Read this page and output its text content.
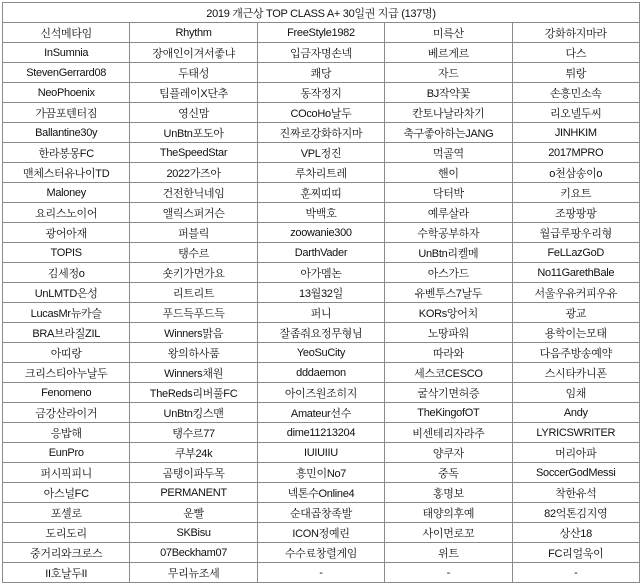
2019 개근상 TOP CLASS A+ 30일권 지급 (137명)				
신석메타임	Rhythm	FreeStyle1982	미륵산	강화하지마라
InSumnia	장애인이겨서좋냐	입금자명손넥	베르게르	다스
StevenGerrard08	두태성	쾌당	자드	튀랑
NeoPhoenix	팀플레이X단추	동작정지	BJ작약꽃	손흥민소속
가끔포텐터짐	영신맘	COcoHo날두	칸토나날라차기	리오넬두씨
Ballantine30y	UnBtn포도아	진짜로강화하지마	축구좋아하는JANG	JINHKIM
한라봉몽FC	TheSpeedStar	VPL정진	먹골역	2017MPRO
맨체스터유나이TD	2022가즈아	루차리트레	핸이	o천삼송이o
Maloney	건전한닉네임	훈찌띠띠	닥터박	키요트
요리스노이어	앨릭스퍼거슨	박백호	예루살라	조팡팡팡
광어아재	퍼블릭	zoowanie300	수학공부하자	월급루팡우리형
TOPIS	탱수르	DarthVader	UnBtn리켈메	FeLLazGoD
김세정o	숏키가먼가요	아가멤논	아스가드	No11GarethBale
UnLMTD은성	리트리트	13월32일	유벤투스7날두	서울우유커피우유
LucasMr뉴카슬	푸드득푸드득	퍼니	KORs앙어치	광교
BRA브라질ZIL	Winners맑음	잘좀줘요정무형님	노땅파워	용학이는모태
아띠랑	왕의하사품	YeoSuCity	따라와	다음주방송예약
크리스티아누날두	Winners채원	dddaemon	세스코CESCO	스시타카니폰
Fenomeno	TheReds리버풀FC	아이즈원조히지	굴삭기면허증	임채
금강산라이거	UnBtn킹스맨	Amateur선수	TheKingofOT	Andy
응밥해	탱수르77	dime11213204	비센테리자라주	LYRICSWRITER
EunPro	쿠부24k	IUIUIIU	양쿠자	머리아파
퍼시픽피니	곰탱이파두목	흥민이No7	중독	SoccerGodMessi
아스널FC	PERMANENT	넥톤수Online4	홍명보	착한유석
포셀로	운빨	순대곱창족발	태양의후예	82억톤김지영
도리도리	SKBisu	ICON정예린	사이먼로꼬	상산18
중거리와크로스	07Beckham07	수수료창렬게임	위트	FC리얼욱이
II호날두II	무리뉴조세	-	-	-
